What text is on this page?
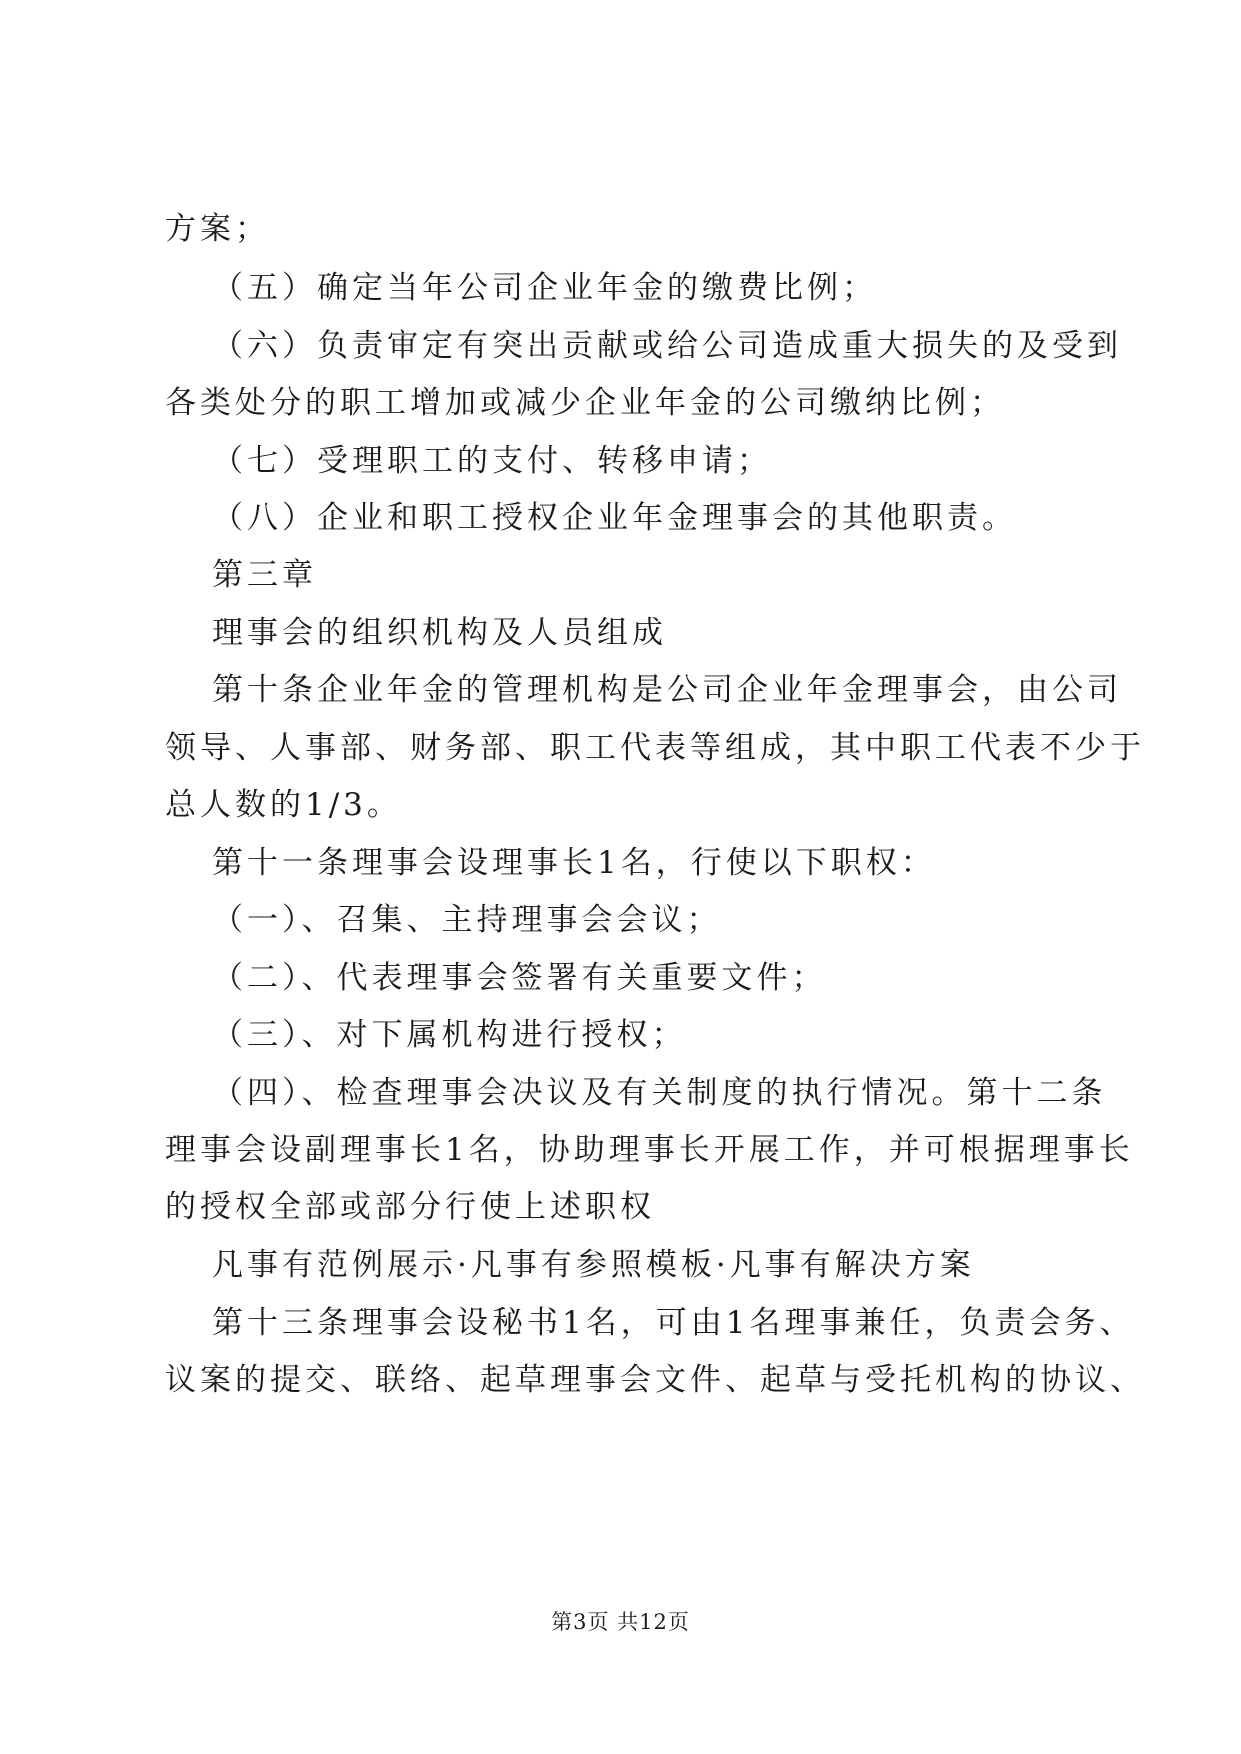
方案；
（五）确定当年公司企业年金的缴费比例；
（六）负责审定有突出贡献或给公司造成重大损失的及受到
各类处分的职工增加或减少企业年金的公司缴纳比例；
（七）受理职工的支付、转移申请；
（八）企业和职工授权企业年金理事会的其他职责。
第三章
理事会的组织机构及人员组成
第十条企业年金的管理机构是公司企业年金理事会，由公司
领导、人事部、财务部、职工代表等组成，其中职工代表不少于
总人数的1/3。
第十一条理事会设理事长1名，行使以下职权：
（一）、召集、主持理事会会议；
（二）、代表理事会签署有关重要文件；
（三）、对下属机构进行授权；
（四）、检查理事会决议及有关制度的执行情况。第十二条
理事会设副理事长1名，协助理事长开展工作，并可根据理事长
的授权全部或部分行使上述职权
凡事有范例展示·凡事有参照模板·凡事有解决方案
第十三条理事会设秘书1名，可由1名理事兼任，负责会务、
议案的提交、联络、起草理事会文件、起草与受托机构的协议、
第3页 共12页
